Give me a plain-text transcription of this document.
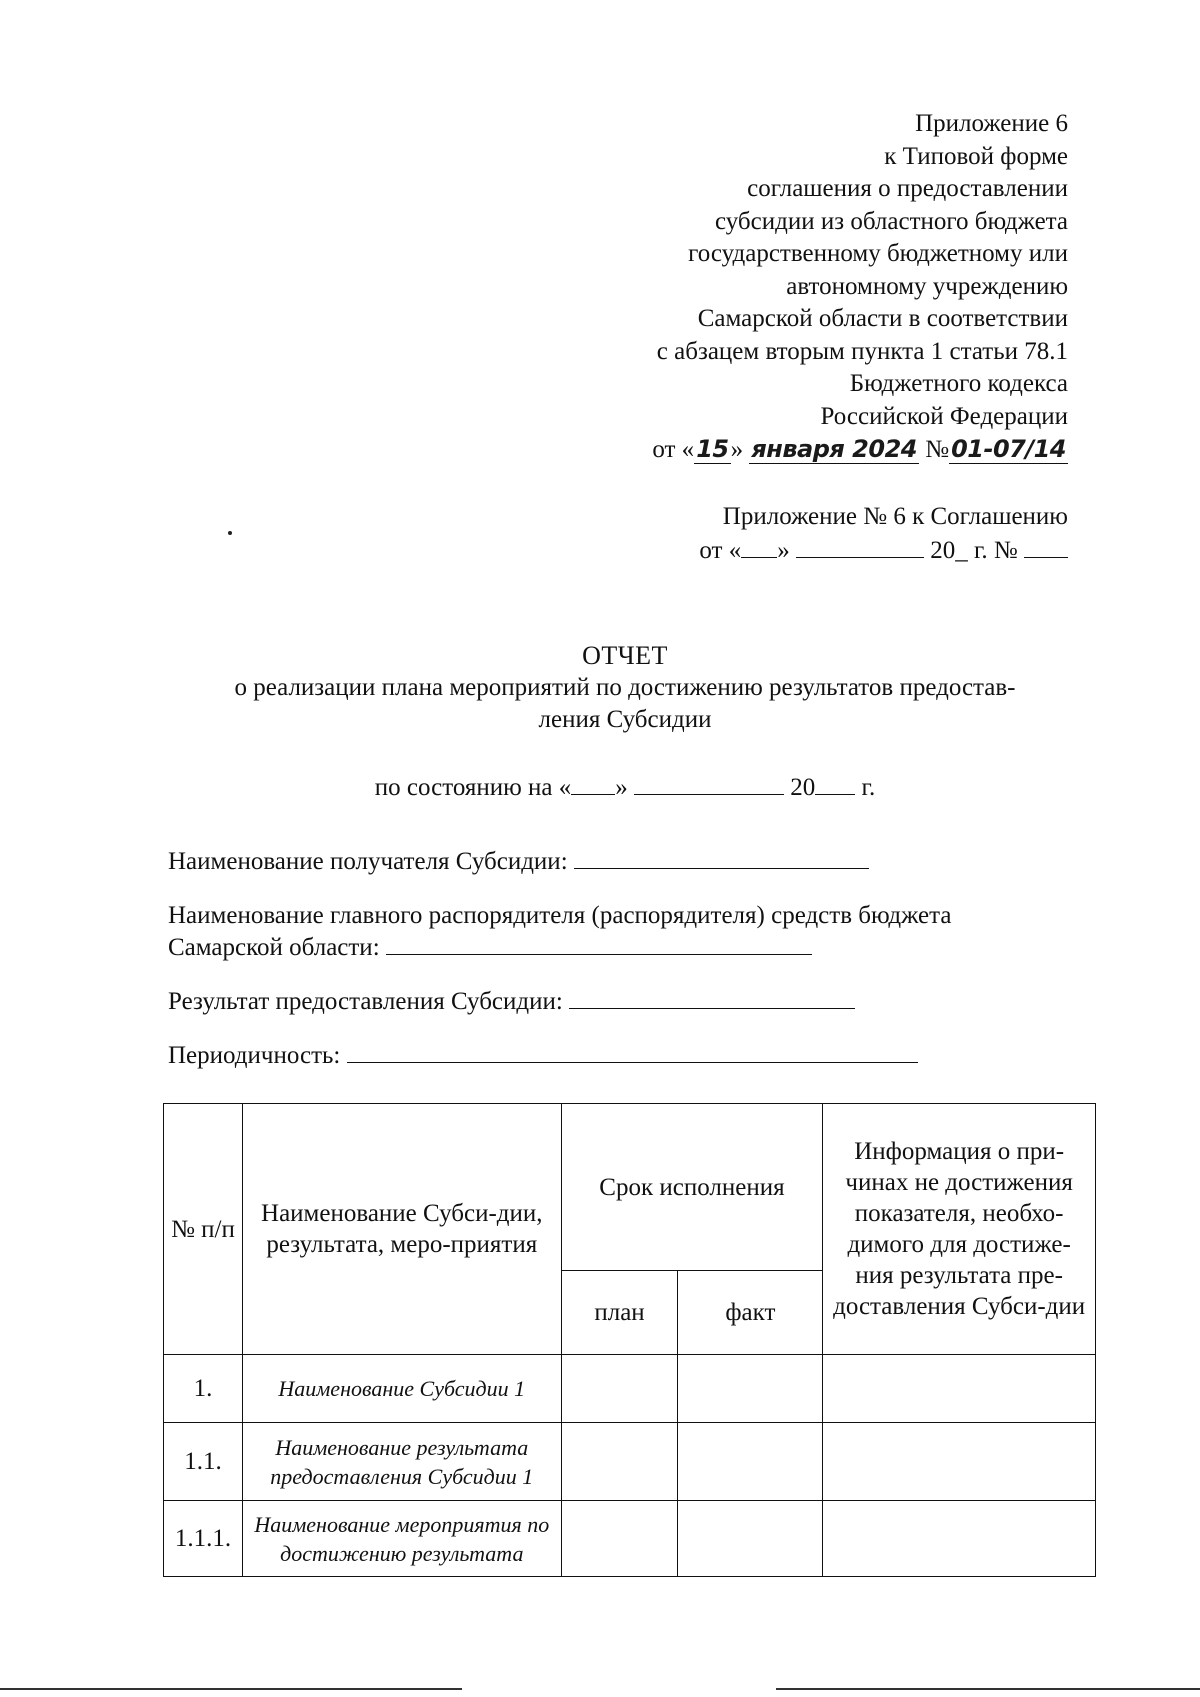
Приложение 6
к Типовой форме
соглашения о предоставлении
субсидии из областного бюджета
государственному бюджетному или
автономному учреждению
Самарской области в соответствии
с абзацем вторым пункта 1 статьи 78.1
Бюджетного кодекса
Российской Федерации
от «15» января 2024 №01-07/14
Приложение № 6 к Соглашению
от « »	20_ г. №
ОТЧЕТ
о реализации плана мероприятий по достижению результатов предостав-
ления Субсидии
по состоянию на « »	20 г.
Наименование получателя Субсидии:
Наименование главного распорядителя (распорядителя) средств бюджета
Самарской области:
Результат предоставления Субсидии:
Периодичность:
№ п/п	Наименование Субси-дии, результата, меро-приятия	Срок исполнения		Информация о при-чинах не достижения показателя, необхо-димого для достиже-ния результата пре-доставления Субси-дии
		план	факт	
1.	Наименование Субсидии 1			
1.1.	Наименование результата предоставления Субсидии 1			
1.1.1.	Наименование мероприятия по достижению результата			
